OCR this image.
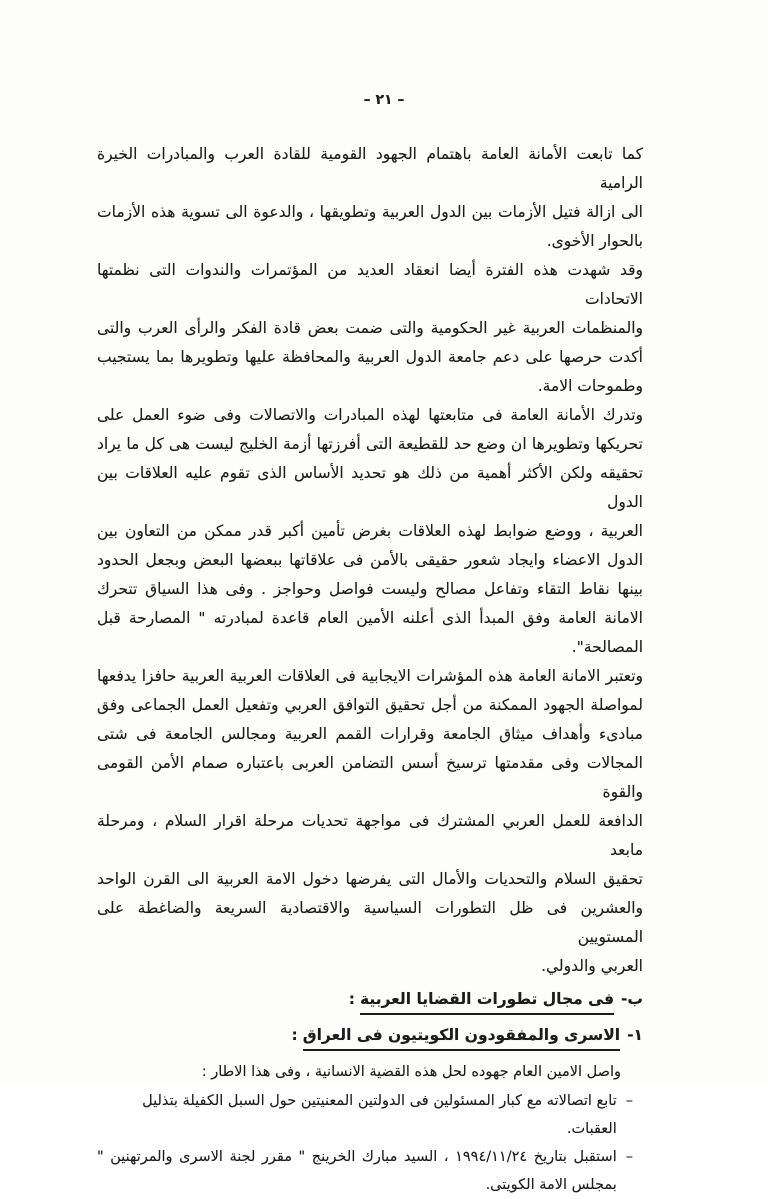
– ٢١ –
كما تابعت الأمانة العامة باهتمام الجهود القومية للقادة العرب والمبادرات الخيرة الرامية
الى ازالة فتيل الأزمات بين الدول العربية وتطويقها ، والدعوة الى تسوية هذه الأزمات
بالحوار الأخوى.
وقد شهدت هذه الفترة أيضا انعقاد العديد من المؤتمرات والندوات التى نظمتها الاتحادات
والمنظمات العربية غير الحكومية والتى ضمت بعض قادة الفكر والرأى العرب والتى
أكدت حرصها على دعم جامعة الدول العربية والمحافظة عليها وتطويرها بما يستجيب
وطموحات الامة.
وتدرك الأمانة العامة فى متابعتها لهذه المبادرات والاتصالات وفى ضوء العمل على
تحريكها وتطويرها ان وضع حد للقطيعة التى أفرزتها أزمة الخليج ليست هى كل ما يراد
تحقيقه ولكن الأكثر أهمية من ذلك هو تحديد الأساس الذى تقوم عليه العلاقات بين الدول
العربية ، ووضع ضوابط لهذه العلاقات بغرض تأمين أكبر قدر ممكن من التعاون بين
الدول الاعضاء وايجاد شعور حقيقى بالأمن فى علاقاتها ببعضها البعض وبجعل الحدود
بينها نقاط التقاء وتفاعل مصالح وليست فواصل وحواجز . وفى هذا السياق تتحرك
الامانة العامة وفق المبدأ الذى أعلنه الأمين العام قاعدة لمبادرته " المصارحة قبل
المصالحة".
وتعتبر الامانة العامة هذه المؤشرات الايجابية فى العلاقات العربية العربية حافزا يدفعها
لمواصلة الجهود الممكنة من أجل تحقيق التوافق العربي وتفعيل العمل الجماعى وفق
مبادىء وأهداف ميثاق الجامعة وقرارات القمم العربية ومجالس الجامعة فى شتى
المجالات وفى مقدمتها ترسيخ أسس التضامن العربى باعتباره صمام الأمن القومى والقوة
الدافعة للعمل العربي المشترك فى مواجهة تحديات مرحلة اقرار السلام ، ومرحلة مابعد
تحقيق السلام والتحديات والأمال التى يفرضها دخول الامة العربية الى القرن الواحد
والعشرين فى ظل التطورات السياسية والاقتصادية السريعة والضاغطة على المستويين
العربي والدولي.
ب-فى مجال تطورات القضايا العربية:
١-الاسرى والمفقودون الكويتيون فى العراق:
واصل الامين العام جهوده لحل هذه القضية الانسانية ، وفى هذا الاطار :
–
تابع اتصالاته مع كبار المسئولين فى الدولتين المعنيتين حول السبل الكفيلة بتذليل العقبات.
–
استقبل بتاريخ ١٩٩٤/١١/٢٤ ، السيد مبارك الخرينج " مقرر لجنة الاسرى والمرتهنين "
بمجلس الامة الكويتى.
